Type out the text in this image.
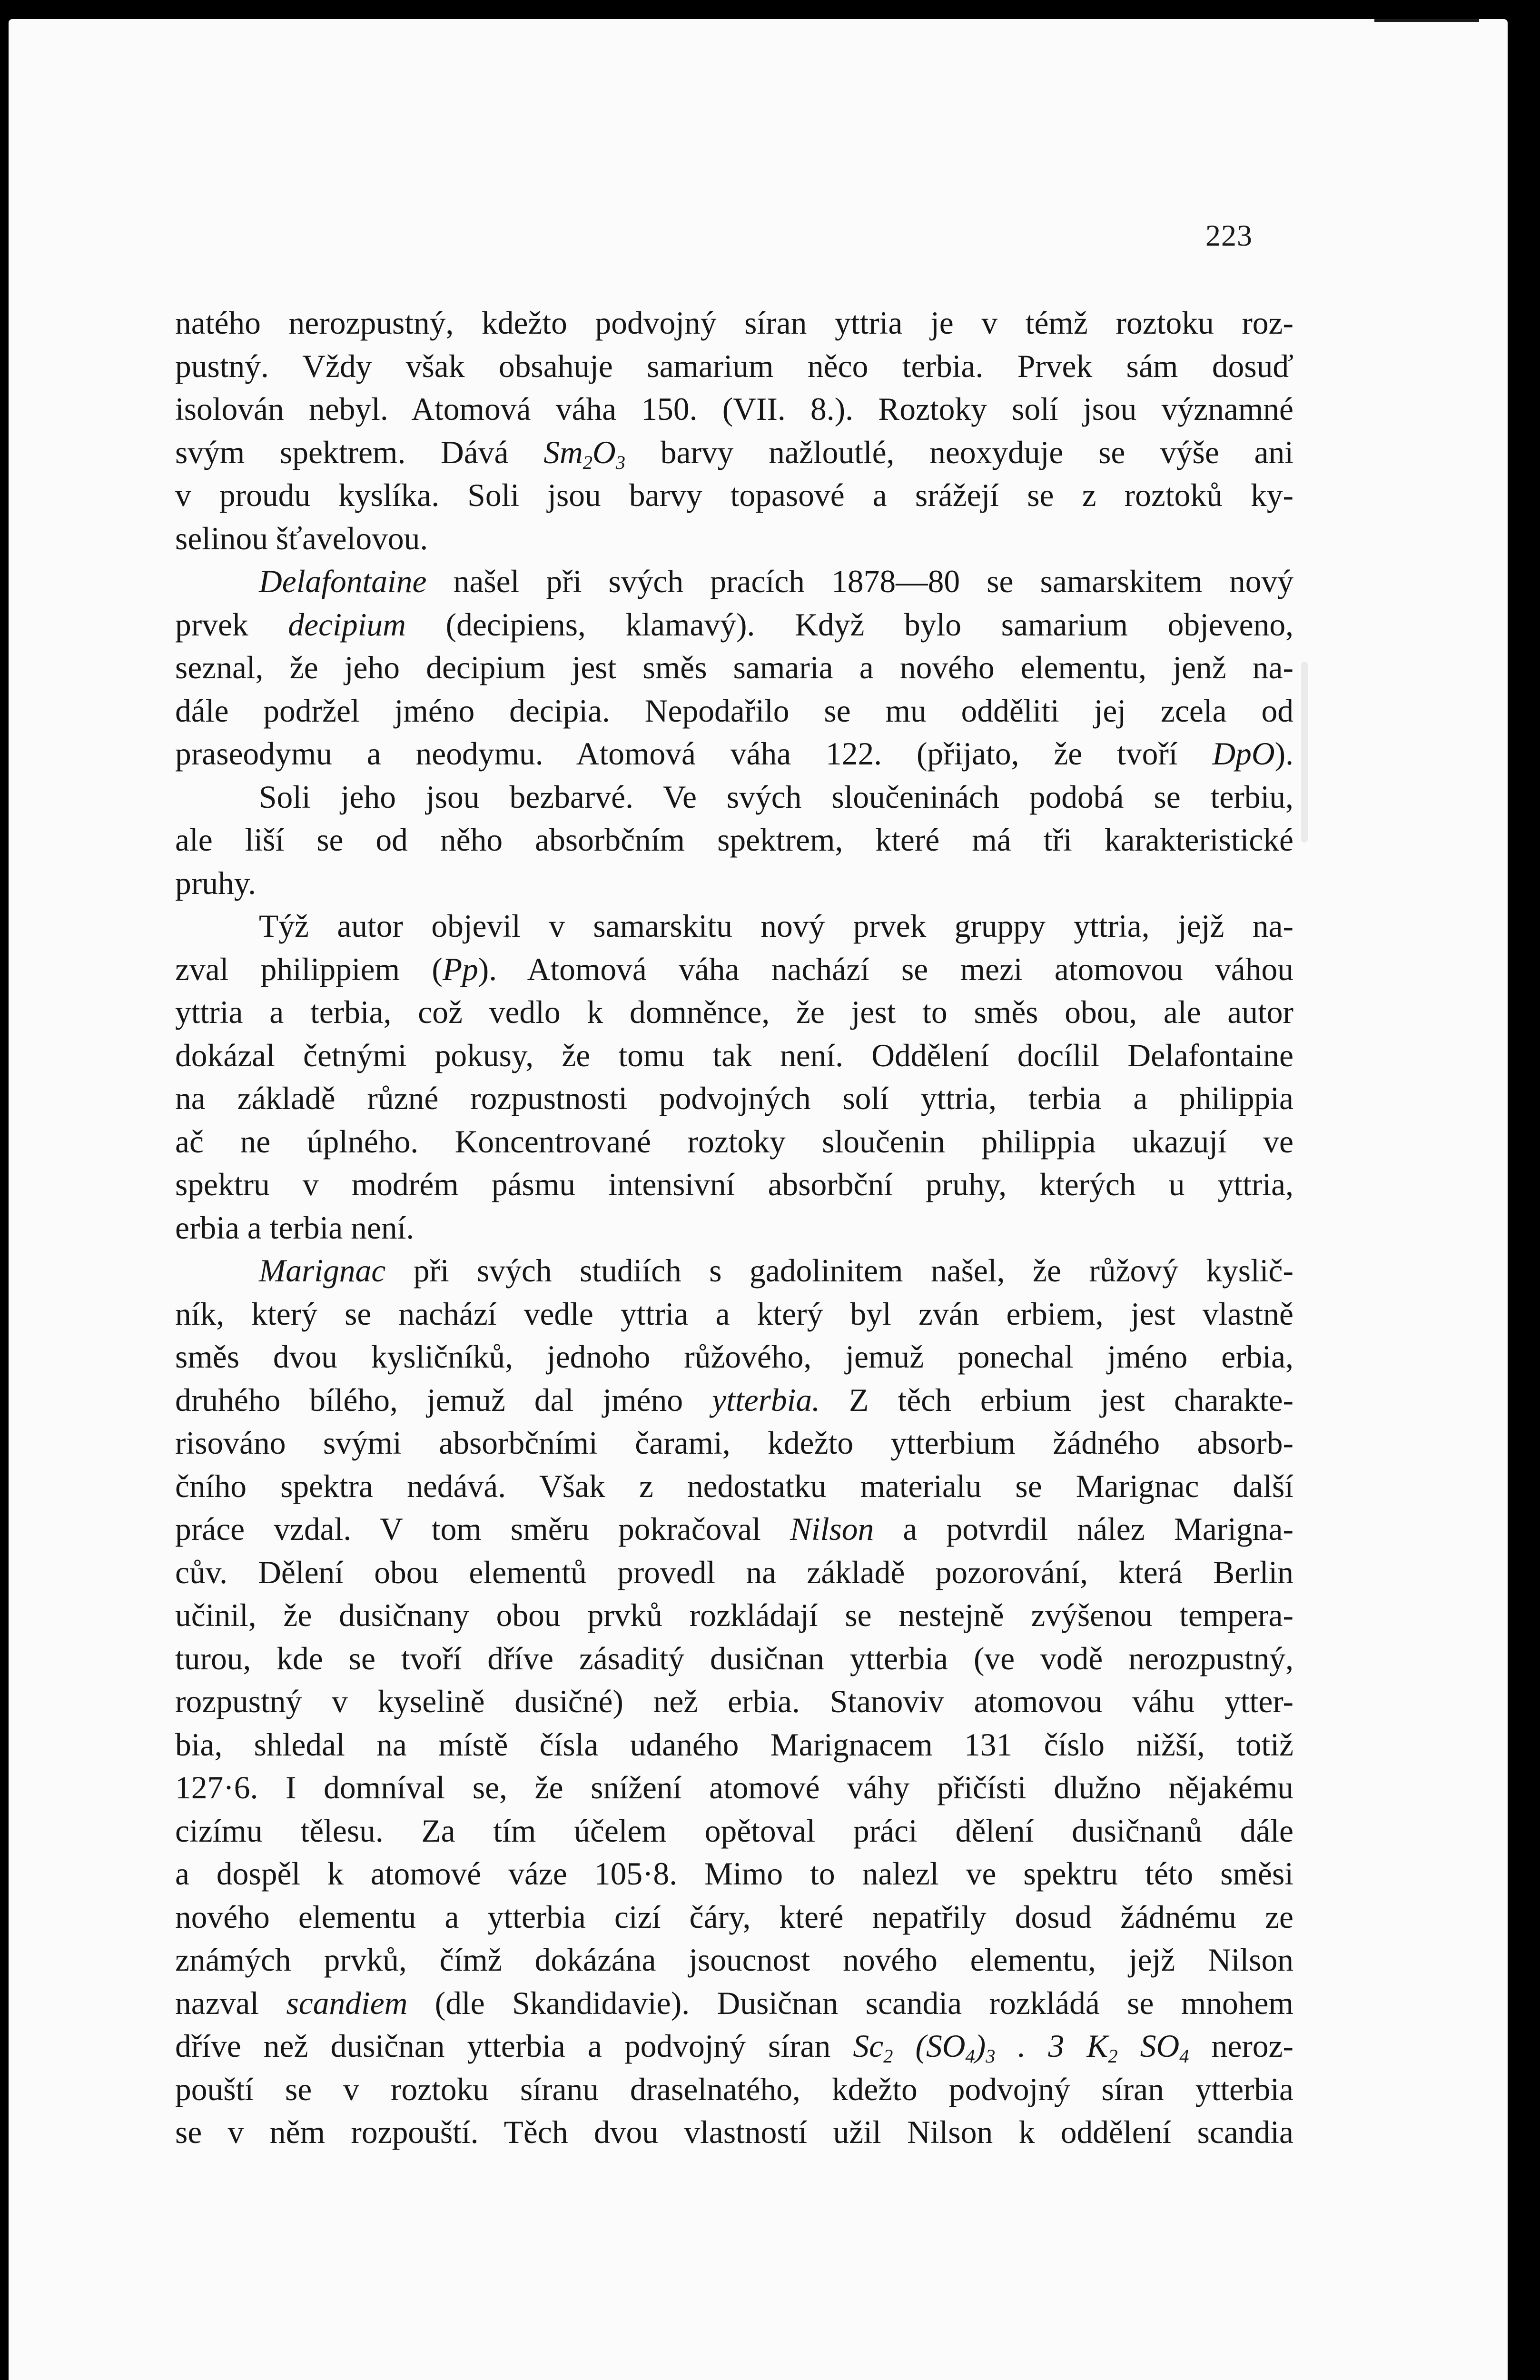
223
natého nerozpustný, kdežto podvojný síran yttria je v témž roztoku roz-
pustný. Vždy však obsahuje samarium něco terbia. Prvek sám dosuď
isolován nebyl. Atomová váha 150. (VII. 8.). Roztoky solí jsou významné
svým spektrem. Dává $Sm_2O_3$ barvy nažloutlé, neoxyduje se výše ani
v proudu kyslíka. Soli jsou barvy topasové a srážejí se z roztoků ky-
selinou šťavelovou.
Delafontaine našel při svých pracích 1878—80 se samarskitem nový
prvek decipium (decipiens, klamavý). Když bylo samarium objeveno,
seznal, že jeho decipium jest směs samaria a nového elementu, jenž na-
dále podržel jméno decipia. Nepodařilo se mu odděliti jej zcela od
praseodymu a neodymu. Atomová váha 122. (přijato, že tvoří DpO).
Soli jeho jsou bezbarvé. Ve svých sloučeninách podobá se terbiu,
ale liší se od něho absorbčním spektrem, které má tři karakteristické
pruhy.
Týž autor objevil v samarskitu nový prvek gruppy yttria, jejž na-
zval philippiem (Pp). Atomová váha nachází se mezi atomovou váhou
yttria a terbia, což vedlo k domněnce, že jest to směs obou, ale autor
dokázal četnými pokusy, že tomu tak není. Oddělení docílil Delafontaine
na základě různé rozpustnosti podvojných solí yttria, terbia a philippia
ač ne úplného. Koncentrované roztoky sloučenin philippia ukazují ve
spektru v modrém pásmu intensivní absorbční pruhy, kterých u yttria,
erbia a terbia není.
Marignac při svých studiích s gadolinitem našel, že růžový kyslič-
ník, který se nachází vedle yttria a který byl zván erbiem, jest vlastně
směs dvou kysličníků, jednoho růžového, jemuž ponechal jméno erbia,
druhého bílého, jemuž dal jméno ytterbia. Z těch erbium jest charakte-
risováno svými absorbčními čarami, kdežto ytterbium žádného absorb-
čního spektra nedává. Však z nedostatku materialu se Marignac další
práce vzdal. V tom směru pokračoval Nilson a potvrdil nález Marigna-
cův. Dělení obou elementů provedl na základě pozorování, která Berlin
učinil, že dusičnany obou prvků rozkládají se nestejně zvýšenou tempera-
turou, kde se tvoří dříve zásaditý dusičnan ytterbia (ve vodě nerozpustný,
rozpustný v kyselině dusičné) než erbia. Stanoviv atomovou váhu ytter-
bia, shledal na místě čísla udaného Marignacem 131 číslo nižší, totiž
127·6. I domníval se, že snížení atomové váhy přičísti dlužno nějakému
cizímu tělesu. Za tím účelem opětoval práci dělení dusičnanů dále
a dospěl k atomové váze 105·8. Mimo to nalezl ve spektru této směsi
nového elementu a ytterbia cizí čáry, které nepatřily dosud žádnému ze
známých prvků, čímž dokázána jsoucnost nového elementu, jejž Nilson
nazval scandiem (dle Skandidavie). Dusičnan scandia rozkládá se mnohem
dříve než dusičnan ytterbia a podvojný síran $Sc_2$ $(SO_4)_3$ . 3 $K_2$ $SO_4$ neroz-
pouští se v roztoku síranu draselnatého, kdežto podvojný síran ytterbia
se v něm rozpouští. Těch dvou vlastností užil Nilson k oddělení scandia
